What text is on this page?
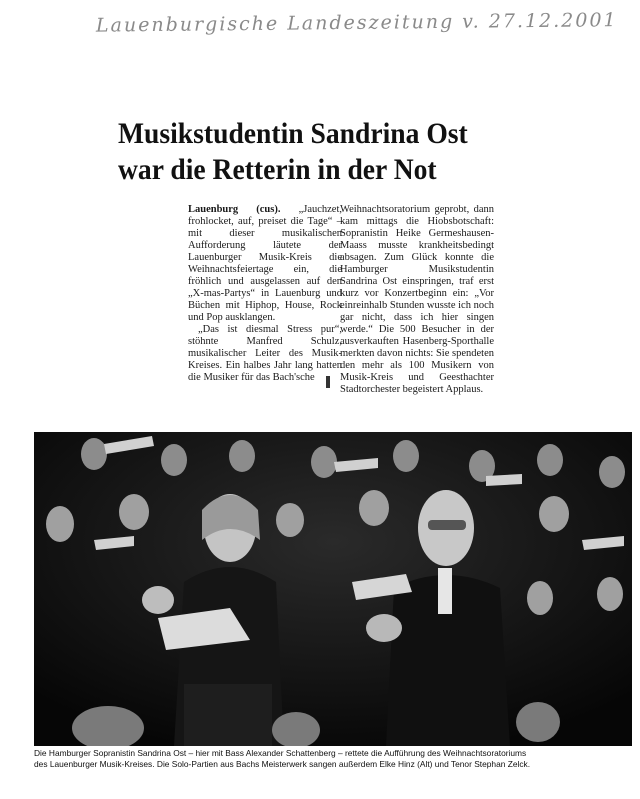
Lauenburgische Landeszeitung v. 27.12.2001
Musikstudentin Sandrina Ost
war die Retterin in der Not

Lauenburg (cus). „Jauchzet, frohlocket, auf, preiset die Tage“ – mit dieser musikalischen Aufforderung läutete der Lauenburger Musik-Kreis die Weihnachtsfeiertage ein, die fröhlich und ausgelassen auf den „X-mas-Partys“ in Lauenburg und Büchen mit Hiphop, House, Rock und Pop ausklangen.

„Das ist diesmal Stress pur“, stöhnte Manfred Schulz, musikalischer Leiter des Musik-Kreises. Ein halbes Jahr lang hatten die Musiker für das Bach'sche

Weihnachtsoratorium geprobt, dann kam mittags die Hiobsbotschaft: Sopranistin Heike Germeshausen-Maass musste krankheitsbedingt absagen. Zum Glück konnte die Hamburger Musikstudentin Sandrina Ost einspringen, traf erst kurz vor Konzertbeginn ein: „Vor einreinhalb Stunden wusste ich noch gar nicht, dass ich hier singen werde.“ Die 500 Besucher in der ausverkauften Hasenberg-Sporthalle merkten davon nichts: Sie spendeten den mehr als 100 Musikern von Musik-Kreis und Geesthachter Stadtorchester begeistert Applaus.

Die Hamburger Sopranistin Sandrina Ost – hier mit Bass Alexander Schattenberg – rettete die Aufführung des Weihnachtsoratoriums
des Lauenburger Musik-Kreises. Die Solo-Partien aus Bachs Meisterwerk sangen außerdem Elke Hinz (Alt) und Tenor Stephan Zelck.
